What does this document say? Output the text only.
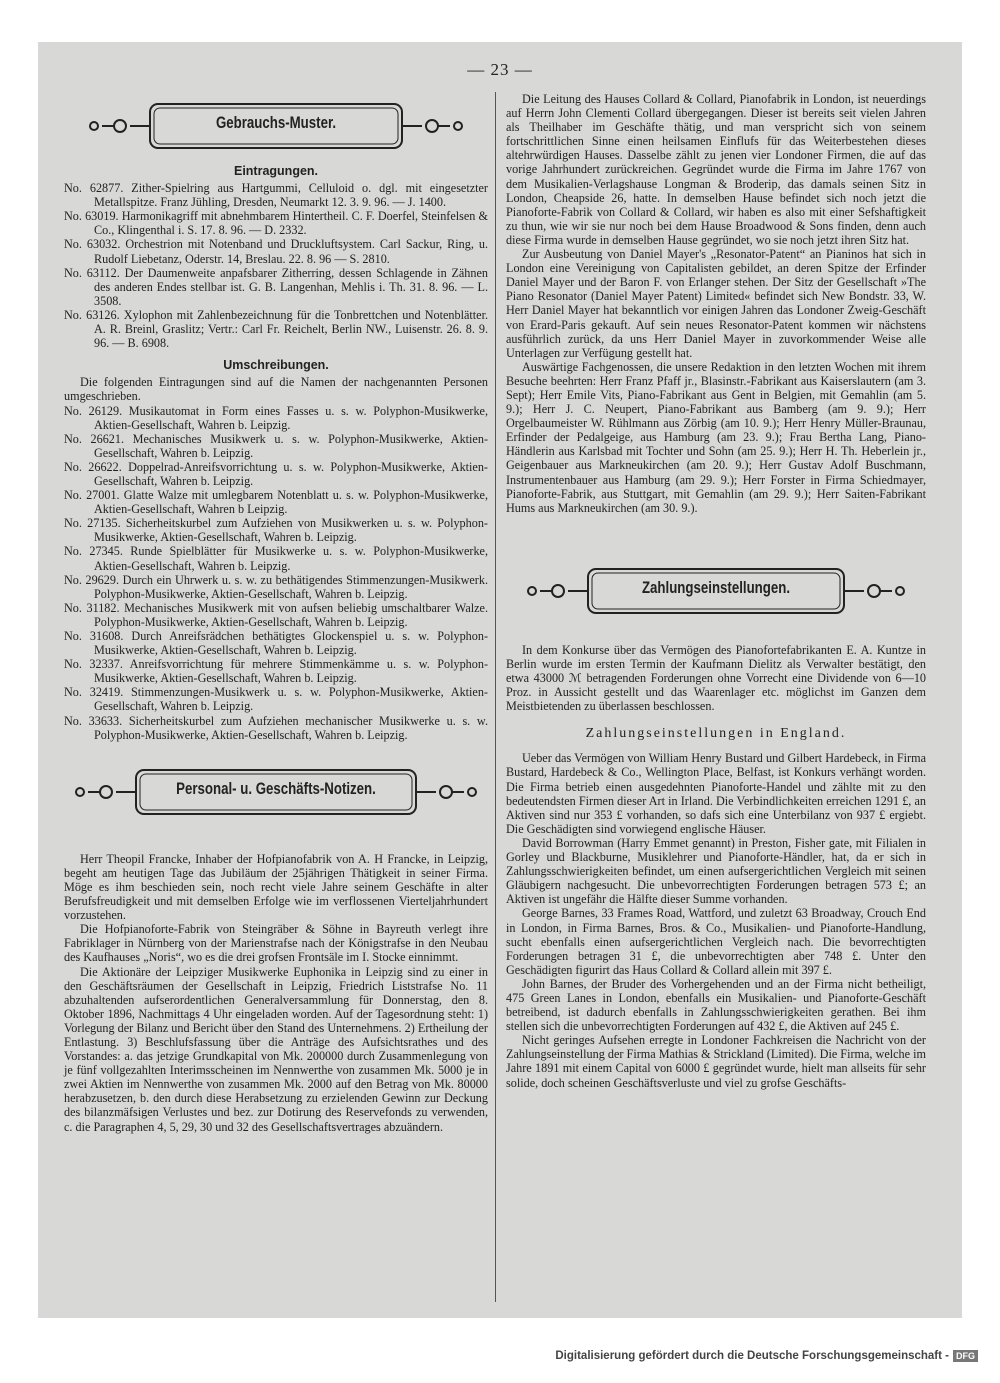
— 23 —
Gebrauchs-Muster.
Eintragungen.

No. 62877. Zither-Spielring aus Hartgummi, Celluloid o. dgl. mit eingesetzter Metallspitze. Franz Jühling, Dresden, Neumarkt 12. 3. 9. 96. — J. 1400.

No. 63019. Harmonikagriff mit abnehmbarem Hintertheil. C. F. Doerfel, Steinfelsen & Co., Klingenthal i. S. 17. 8. 96. — D. 2332.

No. 63032. Orchestrion mit Notenband und Druckluftsystem. Carl Sackur, Ring, u. Rudolf Liebetanz, Oderstr. 14, Breslau. 22. 8. 96 — S. 2810.

No. 63112. Der Daumenweite anpafsbarer Zitherring, dessen Schlagende in Zähnen des anderen Endes stellbar ist. G. B. Langenhan, Mehlis i. Th. 31. 8. 96. — L. 3508.

No. 63126. Xylophon mit Zahlenbezeichnung für die Tonbrettchen und Notenblätter. A. R. Breinl, Graslitz; Vertr.: Carl Fr. Reichelt, Berlin NW., Luisenstr. 26. 8. 9. 96. — B. 6908.

Umschreibungen.

Die folgenden Eintragungen sind auf die Namen der nachgenannten Personen umgeschrieben.

No. 26129. Musikautomat in Form eines Fasses u. s. w. Polyphon-Musikwerke, Aktien-Gesellschaft, Wahren b. Leipzig.

No. 26621. Mechanisches Musikwerk u. s. w. Polyphon-Musikwerke, Aktien-Gesellschaft, Wahren b. Leipzig.

No. 26622. Doppelrad-Anreifsvorrichtung u. s. w. Polyphon-Musikwerke, Aktien-Gesellschaft, Wahren b. Leipzig.

No. 27001. Glatte Walze mit umlegbarem Notenblatt u. s. w. Polyphon-Musikwerke, Aktien-Gesellschaft, Wahren b Leipzig.

No. 27135. Sicherheitskurbel zum Aufziehen von Musikwerken u. s. w. Polyphon-Musikwerke, Aktien-Gesellschaft, Wahren b. Leipzig.

No. 27345. Runde Spielblätter für Musikwerke u. s. w. Polyphon-Musikwerke, Aktien-Gesellschaft, Wahren b. Leipzig.

No. 29629. Durch ein Uhrwerk u. s. w. zu bethätigendes Stimmenzungen-Musikwerk. Polyphon-Musikwerke, Aktien-Gesellschaft, Wahren b. Leipzig.

No. 31182. Mechanisches Musikwerk mit von aufsen beliebig umschaltbarer Walze. Polyphon-Musikwerke, Aktien-Gesellschaft, Wahren b. Leipzig.

No. 31608. Durch Anreifsrädchen bethätigtes Glockenspiel u. s. w. Polyphon-Musikwerke, Aktien-Gesellschaft, Wahren b. Leipzig.

No. 32337. Anreifsvorrichtung für mehrere Stimmenkämme u. s. w. Polyphon-Musikwerke, Aktien-Gesellschaft, Wahren b. Leipzig.

No. 32419. Stimmenzungen-Musikwerk u. s. w. Polyphon-Musikwerke, Aktien-Gesellschaft, Wahren b. Leipzig.

No. 33633. Sicherheitskurbel zum Aufziehen mechanischer Musikwerke u. s. w. Polyphon-Musikwerke, Aktien-Gesellschaft, Wahren b. Leipzig.

Personal- u. Geschäfts-Notizen.

Herr Theopil Francke, Inhaber der Hofpianofabrik von A. H Francke, in Leipzig, begeht am heutigen Tage das Jubiläum der 25jährigen Thätigkeit in seiner Firma. Möge es ihm beschieden sein, noch recht viele Jahre seinem Geschäfte in alter Berufsfreudigkeit und mit demselben Erfolge wie im verflossenen Vierteljahrhundert vorzustehen.

Die Hofpianoforte-Fabrik von Steingräber & Söhne in Bayreuth verlegt ihre Fabriklager in Nürnberg von der Marienstrafse nach der Königstrafse in den Neubau des Kaufhauses „Noris“, wo es die drei grofsen Frontsäle im I. Stocke einnimmt.

Die Aktionäre der Leipziger Musikwerke Euphonika in Leipzig sind zu einer in den Geschäftsräumen der Gesellschaft in Leipzig, Friedrich Liststrafse No. 11 abzuhaltenden aufserordentlichen Generalversammlung für Donnerstag, den 8. Oktober 1896, Nachmittags 4 Uhr eingeladen worden. Auf der Tagesordnung steht: 1) Vorlegung der Bilanz und Bericht über den Stand des Unternehmens. 2) Ertheilung der Entlastung. 3) Beschlufsfassung über die Anträge des Aufsichtsrathes und des Vorstandes: a. das jetzige Grundkapital von Mk. 200000 durch Zusammenlegung von je fünf vollgezahlten Interimsscheinen im Nennwerthe von zusammen Mk. 5000 je in zwei Aktien im Nennwerthe von zusammen Mk. 2000 auf den Betrag von Mk. 80000 herabzusetzen, b. den durch diese Herabsetzung zu erzielenden Gewinn zur Deckung des bilanzmäfsigen Verlustes und bez. zur Dotirung des Reservefonds zu verwenden, c. die Paragraphen 4, 5, 29, 30 und 32 des Gesellschaftsvertrages abzuändern.

Die Leitung des Hauses Collard & Collard, Pianofabrik in London, ist neuerdings auf Herrn John Clementi Collard übergegangen. Dieser ist bereits seit vielen Jahren als Theilhaber im Geschäfte thätig, und man verspricht sich von seinem fortschrittlichen Sinne einen heilsamen Einflufs für das Weiterbestehen dieses altehrwürdigen Hauses. Dasselbe zählt zu jenen vier Londoner Firmen, die auf das vorige Jahrhundert zurückreichen. Gegründet wurde die Firma im Jahre 1767 von dem Musikalien-Verlagshause Longman & Broderip, das damals seinen Sitz in London, Cheapside 26, hatte. In demselben Hause befindet sich noch jetzt die Pianoforte-Fabrik von Collard & Collard, wir haben es also mit einer Sefshaftigkeit zu thun, wie wir sie nur noch bei dem Hause Broadwood & Sons finden, denn auch diese Firma wurde in demselben Hause gegründet, wo sie noch jetzt ihren Sitz hat.

Zur Ausbeutung von Daniel Mayer's „Resonator-Patent“ an Pianinos hat sich in London eine Vereinigung von Capitalisten gebildet, an deren Spitze der Erfinder Daniel Mayer und der Baron F. von Erlanger stehen. Der Sitz der Gesellschaft »The Piano Resonator (Daniel Mayer Patent) Limited« befindet sich New Bondstr. 33, W. Herr Daniel Mayer hat bekanntlich vor einigen Jahren das Londoner Zweig-Geschäft von Erard-Paris gekauft. Auf sein neues Resonator-Patent kommen wir nächstens ausführlich zurück, da uns Herr Daniel Mayer in zuvorkommender Weise alle Unterlagen zur Verfügung gestellt hat.

Auswärtige Fachgenossen, die unsere Redaktion in den letzten Wochen mit ihrem Besuche beehrten: Herr Franz Pfaff jr., Blasinstr.-Fabrikant aus Kaiserslautern (am 3. Sept); Herr Emile Vits, Piano-Fabrikant aus Gent in Belgien, mit Gemahlin (am 5. 9.); Herr J. C. Neupert, Piano-Fabrikant aus Bamberg (am 9. 9.); Herr Orgelbaumeister W. Rühlmann aus Zörbig (am 10. 9.); Herr Henry Müller-Braunau, Erfinder der Pedalgeige, aus Hamburg (am 23. 9.); Frau Bertha Lang, Piano-Händlerin aus Karlsbad mit Tochter und Sohn (am 25. 9.); Herr H. Th. Heberlein jr., Geigenbauer aus Markneukirchen (am 20. 9.); Herr Gustav Adolf Buschmann, Instrumentenbauer aus Hamburg (am 29. 9.); Herr Forster in Firma Schiedmayer, Pianoforte-Fabrik, aus Stuttgart, mit Gemahlin (am 29. 9.); Herr Saiten-Fabrikant Hums aus Markneukirchen (am 30. 9.).

Zahlungseinstellungen.

In dem Konkurse über das Vermögen des Pianofortefabrikanten E. A. Kuntze in Berlin wurde im ersten Termin der Kaufmann Dielitz als Verwalter bestätigt, den etwa 43000 ℳ betragenden Forderungen ohne Vorrecht eine Dividende von 6—10 Proz. in Aussicht gestellt und das Waarenlager etc. möglichst im Ganzen dem Meistbietenden zu überlassen beschlossen.

Zahlungseinstellungen in England.

Ueber das Vermögen von William Henry Bustard und Gilbert Hardebeck, in Firma Bustard, Hardebeck & Co., Wellington Place, Belfast, ist Konkurs verhängt worden. Die Firma betrieb einen ausgedehnten Pianoforte-Handel und zählte mit zu den bedeutendsten Firmen dieser Art in Irland. Die Verbindlichkeiten erreichen 1291 £, an Aktiven sind nur 353 £ vorhanden, so dafs sich eine Unterbilanz von 937 £ ergiebt. Die Geschädigten sind vorwiegend englische Häuser.

David Borrowman (Harry Emmet genannt) in Preston, Fisher gate, mit Filialen in Gorley und Blackburne, Musiklehrer und Pianoforte-Händler, hat, da er sich in Zahlungsschwierigkeiten befindet, um einen aufsergerichtlichen Vergleich mit seinen Gläubigern nachgesucht. Die unbevorrechtigten Forderungen betragen 573 £; an Aktiven ist ungefähr die Hälfte dieser Summe vorhanden.

George Barnes, 33 Frames Road, Wattford, und zuletzt 63 Broadway, Crouch End in London, in Firma Barnes, Bros. & Co., Musikalien- und Pianoforte-Handlung, sucht ebenfalls einen aufsergerichtlichen Vergleich nach. Die bevorrechtigten Forderungen betragen 31 £, die unbevorrechtigten aber 748 £. Unter den Geschädigten figurirt das Haus Collard & Collard allein mit 397 £.

John Barnes, der Bruder des Vorhergehenden und an der Firma nicht betheiligt, 475 Green Lanes in London, ebenfalls ein Musikalien- und Pianoforte-Geschäft betreibend, ist dadurch ebenfalls in Zahlungsschwierigkeiten gerathen. Bei ihm stellen sich die unbevorrechtigten Forderungen auf 432 £, die Aktiven auf 245 £.

Nicht geringes Aufsehen erregte in Londoner Fachkreisen die Nachricht von der Zahlungseinstellung der Firma Mathias & Strickland (Limited). Die Firma, welche im Jahre 1891 mit einem Capital von 6000 £ gegründet wurde, hielt man allseits für sehr solide, doch scheinen Geschäftsverluste und viel zu grofse Geschäfts-

Digitalisierung gefördert durch die Deutsche Forschungsgemeinschaft - DFG
